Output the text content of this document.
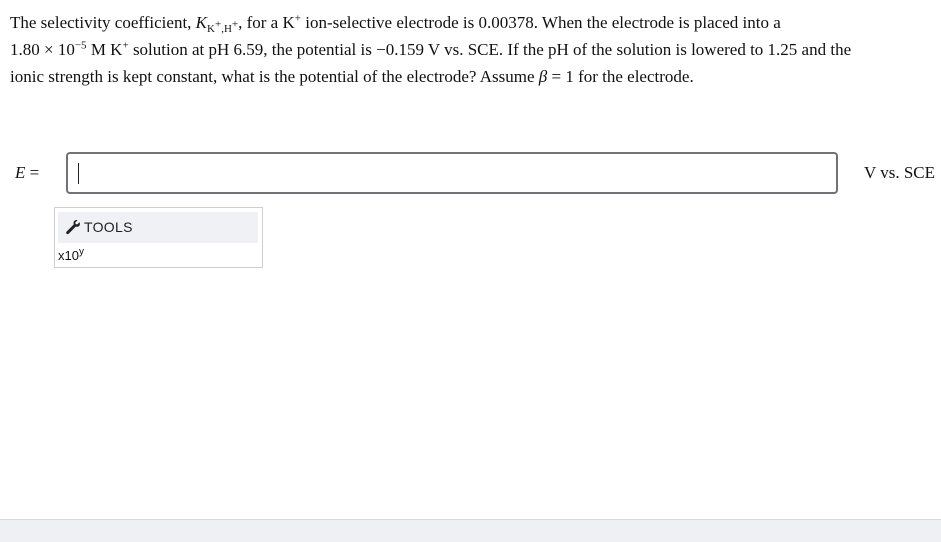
The selectivity coefficient, $K_{K^+,H^+}$, for a K+ ion-selective electrode is 0.00378. When the electrode is placed into a
$1.80 \times 10^{-5}$ M K+ solution at pH 6.59, the potential is −0.159 V vs. SCE. If the pH of the solution is lowered to 1.25 and the
ionic strength is kept constant, what is the potential of the electrode? Assume β = 1 for the electrode.
E =	V vs. SCE
TOOLS
x10$^y$
